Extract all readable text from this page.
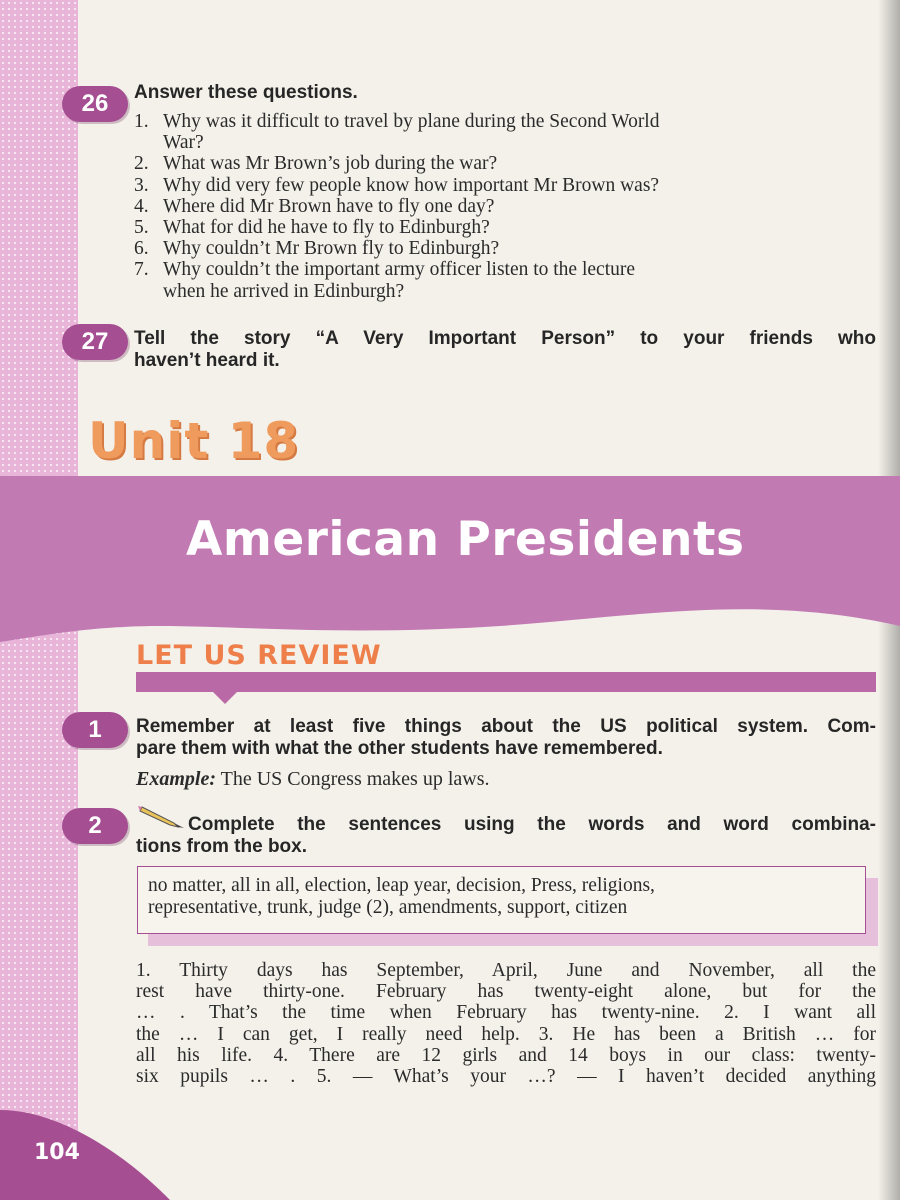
26	Answer these questions.
1. Why was it difficult to travel by plane during the Second World
War?
2. What was Mr Brown’s job during the war?
3. Why did very few people know how important Mr Brown was?
4. Where did Mr Brown have to fly one day?
5. What for did he have to fly to Edinburgh?
6. Why couldn’t Mr Brown fly to Edinburgh?
7. Why couldn’t the important army officer listen to the lecture
when he arrived in Edinburgh?
27	Tell the story “A Very Important Person” to your friends who
haven’t heard it.
Unit 18
American Presidents
LET US REVIEW
1	Remember at least five things about the US political system. Com-
pare them with what the other students have remembered.
Example: The US Congress makes up laws.
2	Complete the sentences using the words and word combina-
tions from the box.
no matter, all in all, election, leap year, decision, Press, religions,
representative, trunk, judge (2), amendments, support, citizen
1. Thirty days has September, April, June and November, all the
rest have thirty-one. February has twenty-eight alone, but for the
… . That’s the time when February has twenty-nine. 2. I want all
the … I can get, I really need help. 3. He has been a British … for
all his life. 4. There are 12 girls and 14 boys in our class: twenty-
six pupils … . 5. — What’s your …? — I haven’t decided anything
104
